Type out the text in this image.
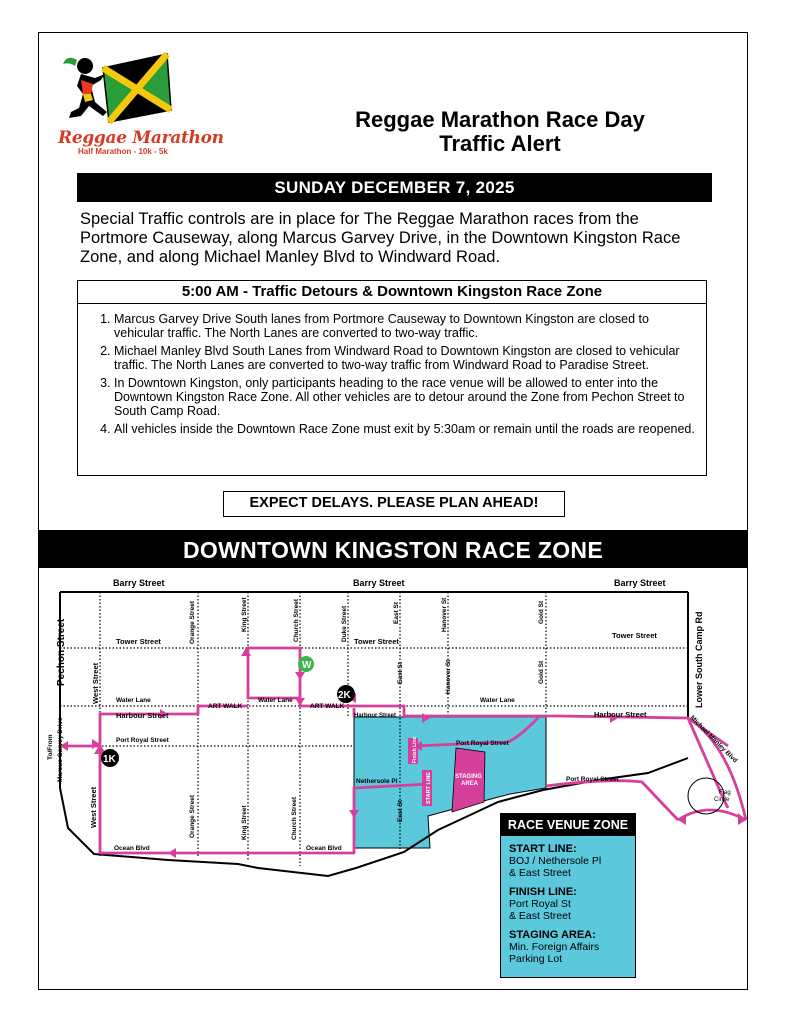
Reggae Marathon
Half Marathon - 10k - 5k
Reggae Marathon Race Day
Traffic Alert
SUNDAY DECEMBER 7, 2025
Special Traffic controls are in place for The Reggae Marathon races from the Portmore Causeway, along Marcus Garvey Drive, in the Downtown Kingston Race Zone, and along Michael Manley Blvd to Windward Road.
5:00 AM - Traffic Detours & Downtown Kingston Race Zone
1. Marcus Garvey Drive South lanes from Portmore Causeway to Downtown Kingston are closed to vehicular traffic. The North Lanes are converted to two-way traffic.
2. Michael Manley Blvd South Lanes from Windward Road to Downtown Kingston are closed to vehicular traffic. The North Lanes are converted to two-way traffic from Windward Road to Paradise Street.
3. In Downtown Kingston, only participants heading to the race venue will be allowed to enter into the Downtown Kingston Race Zone. All other vehicles are to detour around the Zone from Pechon Street to South Camp Road.
4. All vehicles inside the Downtown Race Zone must exit by 5:30am or remain until the roads are reopened.
EXPECT DELAYS. PLEASE PLAN AHEAD!
DOWNTOWN KINGSTON RACE ZONE
Barry Street	Barry Street	Barry Street
Pechon Street	Lower South Camp Rd
Tower Street	Tower Street
Tower Street
West Street
West Street
Water Lane
ART WALK
Water Lane
ART WALK
Water Lane
Harbour Street	Harbour Street	Harbour Street
Port Royal Street	Port Royal Street
Port Royal Street
Nethersole Pl
Ocean Blvd	Ocean Blvd
Orange Street
Orange Street
King Street
King Street
Church Street
Church Street
Duke Street	East St
East St
East St
Hanover St
Hanover St
Gold St
Gold St
To/From Marcus Garvey Drive	Michael Manley Blvd
Flag
Circle
Finish Line
START LINE	STAGING
AREA
W
1K
2K
RACE VENUE ZONE
START LINE:
BOJ / Nethersole Pl
& East Street
FINISH LINE:
Port Royal St
& East Street
STAGING AREA:
Min. Foreign Affairs
Parking Lot
